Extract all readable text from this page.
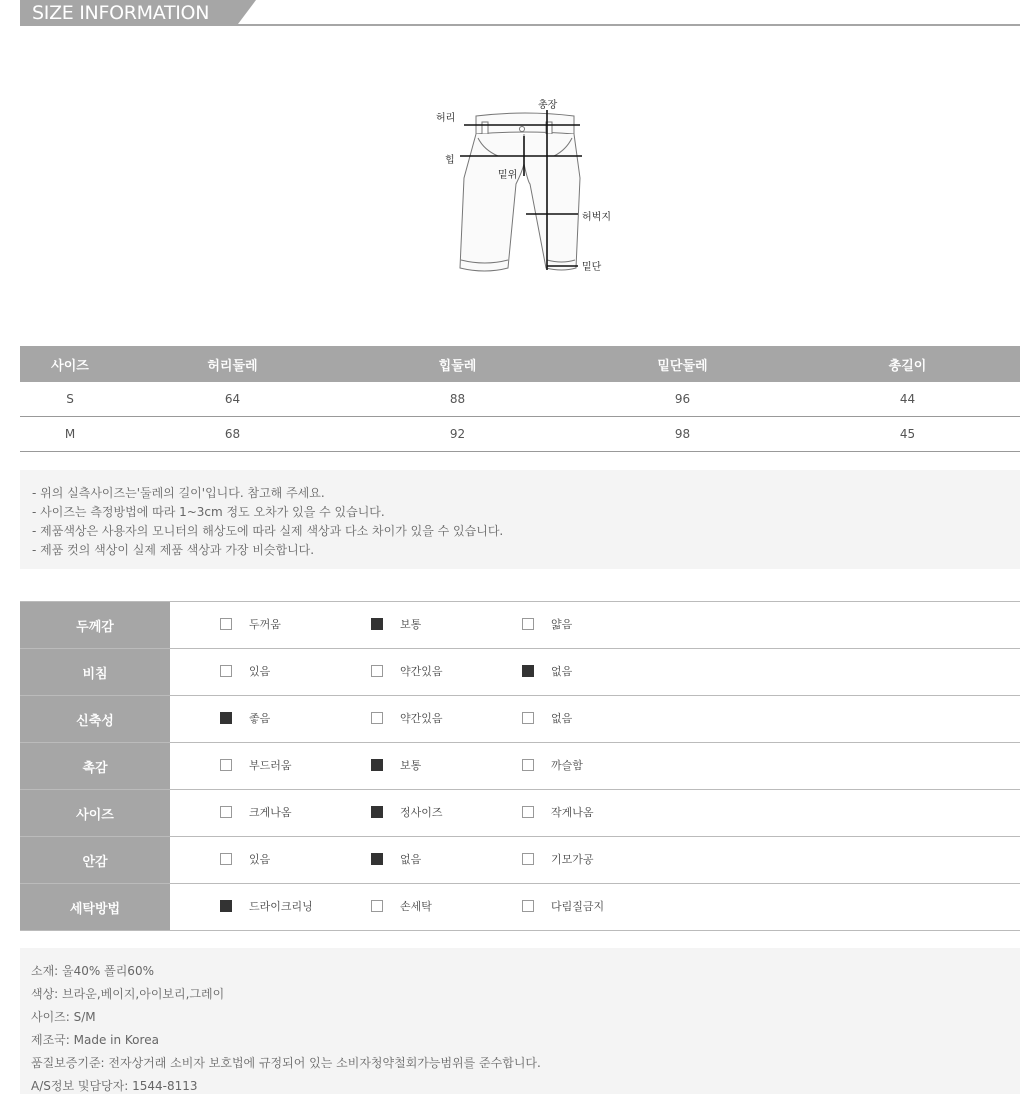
SIZE INFORMATION
허리
힙
밑위
총장
허벅지
밑단
사이즈	허리둘레	힙둘레	밑단둘레	총길이
S	64	88	96	44
M	68	92	98	45
- 위의 실측사이즈는'둘레의 길이'입니다. 참고해 주세요.
- 사이즈는 측정방법에 따라 1~3cm 정도 오차가 있을 수 있습니다.
- 제품색상은 사용자의 모니터의 해상도에 따라 실제 색상과 다소 차이가 있을 수 있습니다.
- 제품 컷의 색상이 실제 제품 색상과 가장 비슷합니다.
두께감	두꺼움 보통 얇음

비침	있음 약간있음 없음

신축성	좋음 약간있음 없음

촉감	부드러움 보통 까슬함

사이즈	크게나옴 정사이즈 작게나옴

안감	있음 없음 기모가공

세탁방법	드라이크리닝 손세탁 다림질금지
소재: 울40% 폴리60%
색상: 브라운,베이지,아이보리,그레이
사이즈: S/M
제조국: Made in Korea
품질보증기준: 전자상거래 소비자 보호법에 규정되어 있는 소비자청약철회가능범위를 준수합니다.
A/S정보 및담당자: 1544-8113
